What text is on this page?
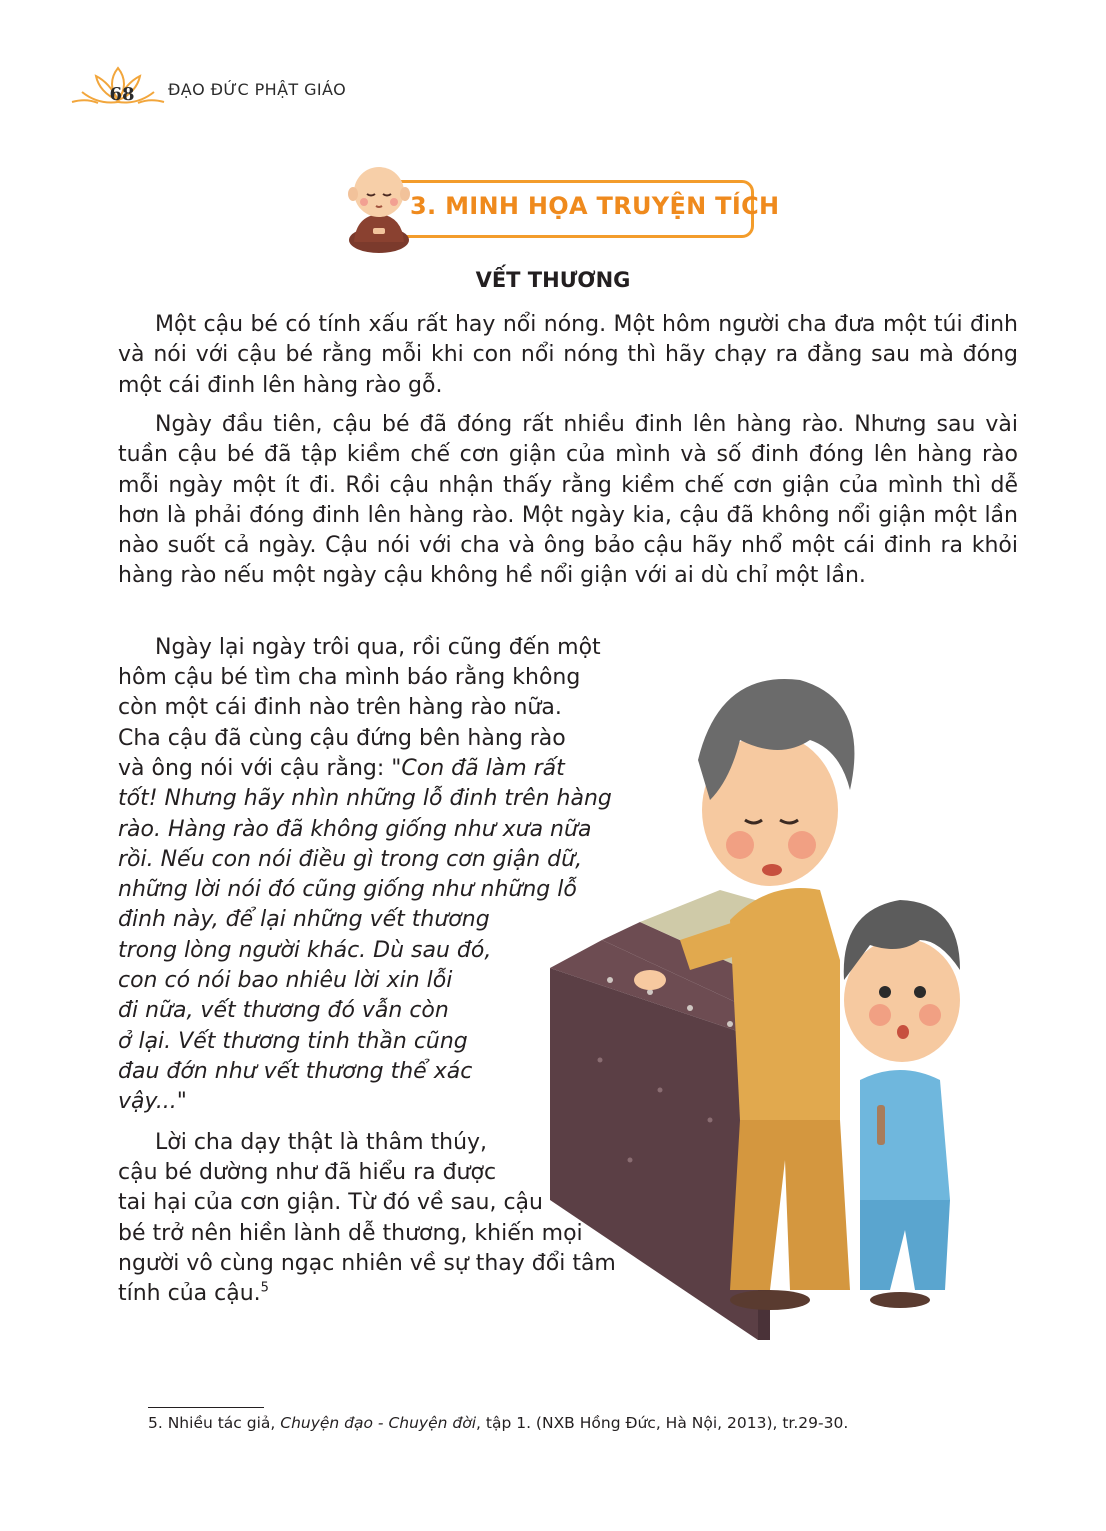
68	ĐẠO ĐỨC PHẬT GIÁO
3. MINH HỌA TRUYỆN TÍCH
VẾT THƯƠNG
Một cậu bé có tính xấu rất hay nổi nóng. Một hôm người cha đưa một túi đinh và nói với cậu bé rằng mỗi khi con nổi nóng thì hãy chạy ra đằng sau mà đóng một cái đinh lên hàng rào gỗ.
Ngày đầu tiên, cậu bé đã đóng rất nhiều đinh lên hàng rào. Nhưng sau vài tuần cậu bé đã tập kiềm chế cơn giận của mình và số đinh đóng lên hàng rào mỗi ngày một ít đi. Rồi cậu nhận thấy rằng kiềm chế cơn giận của mình thì dễ hơn là phải đóng đinh lên hàng rào. Một ngày kia, cậu đã không nổi giận một lần nào suốt cả ngày. Cậu nói với cha và ông bảo cậu hãy nhổ một cái đinh ra khỏi hàng rào nếu một ngày cậu không hề nổi giận với ai dù chỉ một lần.
Ngày lại ngày trôi qua, rồi cũng đến một
hôm cậu bé tìm cha mình báo rằng không
còn một cái đinh nào trên hàng rào nữa.
Cha cậu đã cùng cậu đứng bên hàng rào
và ông nói với cậu rằng: "Con đã làm rất
tốt! Nhưng hãy nhìn những lỗ đinh trên hàng
rào. Hàng rào đã không giống như xưa nữa
rồi. Nếu con nói điều gì trong cơn giận dữ,
những lời nói đó cũng giống như những lỗ
đinh này, để lại những vết thương
trong lòng người khác. Dù sau đó,
con có nói bao nhiêu lời xin lỗi
đi nữa, vết thương đó vẫn còn
ở lại. Vết thương tinh thần cũng
đau đớn như vết thương thể xác
vậy..."
Lời cha dạy thật là thâm thúy,
cậu bé dường như đã hiểu ra được
tai hại của cơn giận. Từ đó về sau, cậu
bé trở nên hiền lành dễ thương, khiến mọi
người vô cùng ngạc nhiên về sự thay đổi tâm
tính của cậu.$^5$
5. Nhiều tác giả, Chuyện đạo - Chuyện đời, tập 1. (NXB Hồng Đức, Hà Nội, 2013), tr.29-30.
